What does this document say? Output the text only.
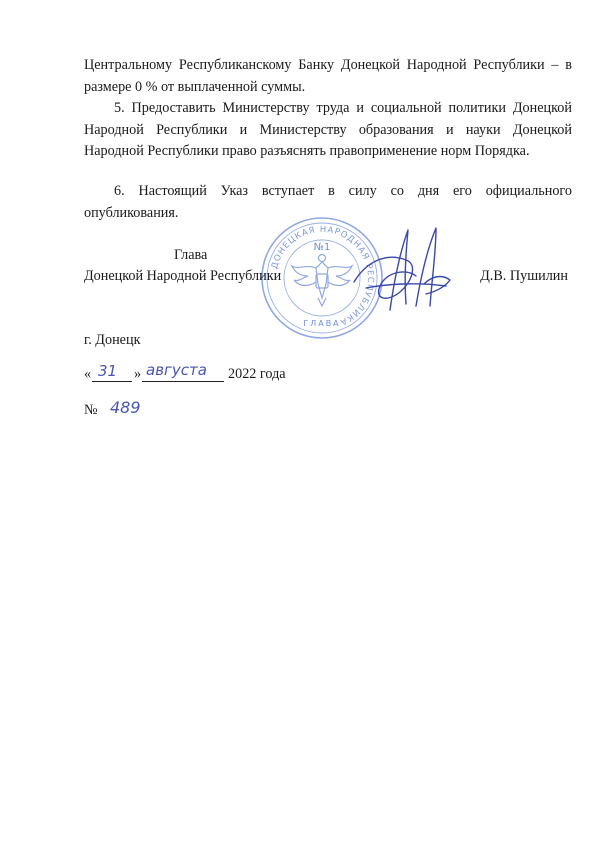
Центральному Республиканскому Банку Донецкой Народной Республики – в размере 0 % от выплаченной суммы.
5. Предоставить Министерству труда и социальной политики Донецкой Народной Республики и Министерству образования и науки Донецкой Народной Республики право разъяснять правоприменение норм Порядка.
6. Настоящий Указ вступает в силу со дня его официального опубликования.
ДОНЕЦКАЯ НАРОДНАЯ РЕСПУБЛИКА
№1
ГЛАВА
Глава
Донецкой Народной Республики	Д.В. Пушилин
г. Донецк
« 31 » августа 2022 года
№ 489
